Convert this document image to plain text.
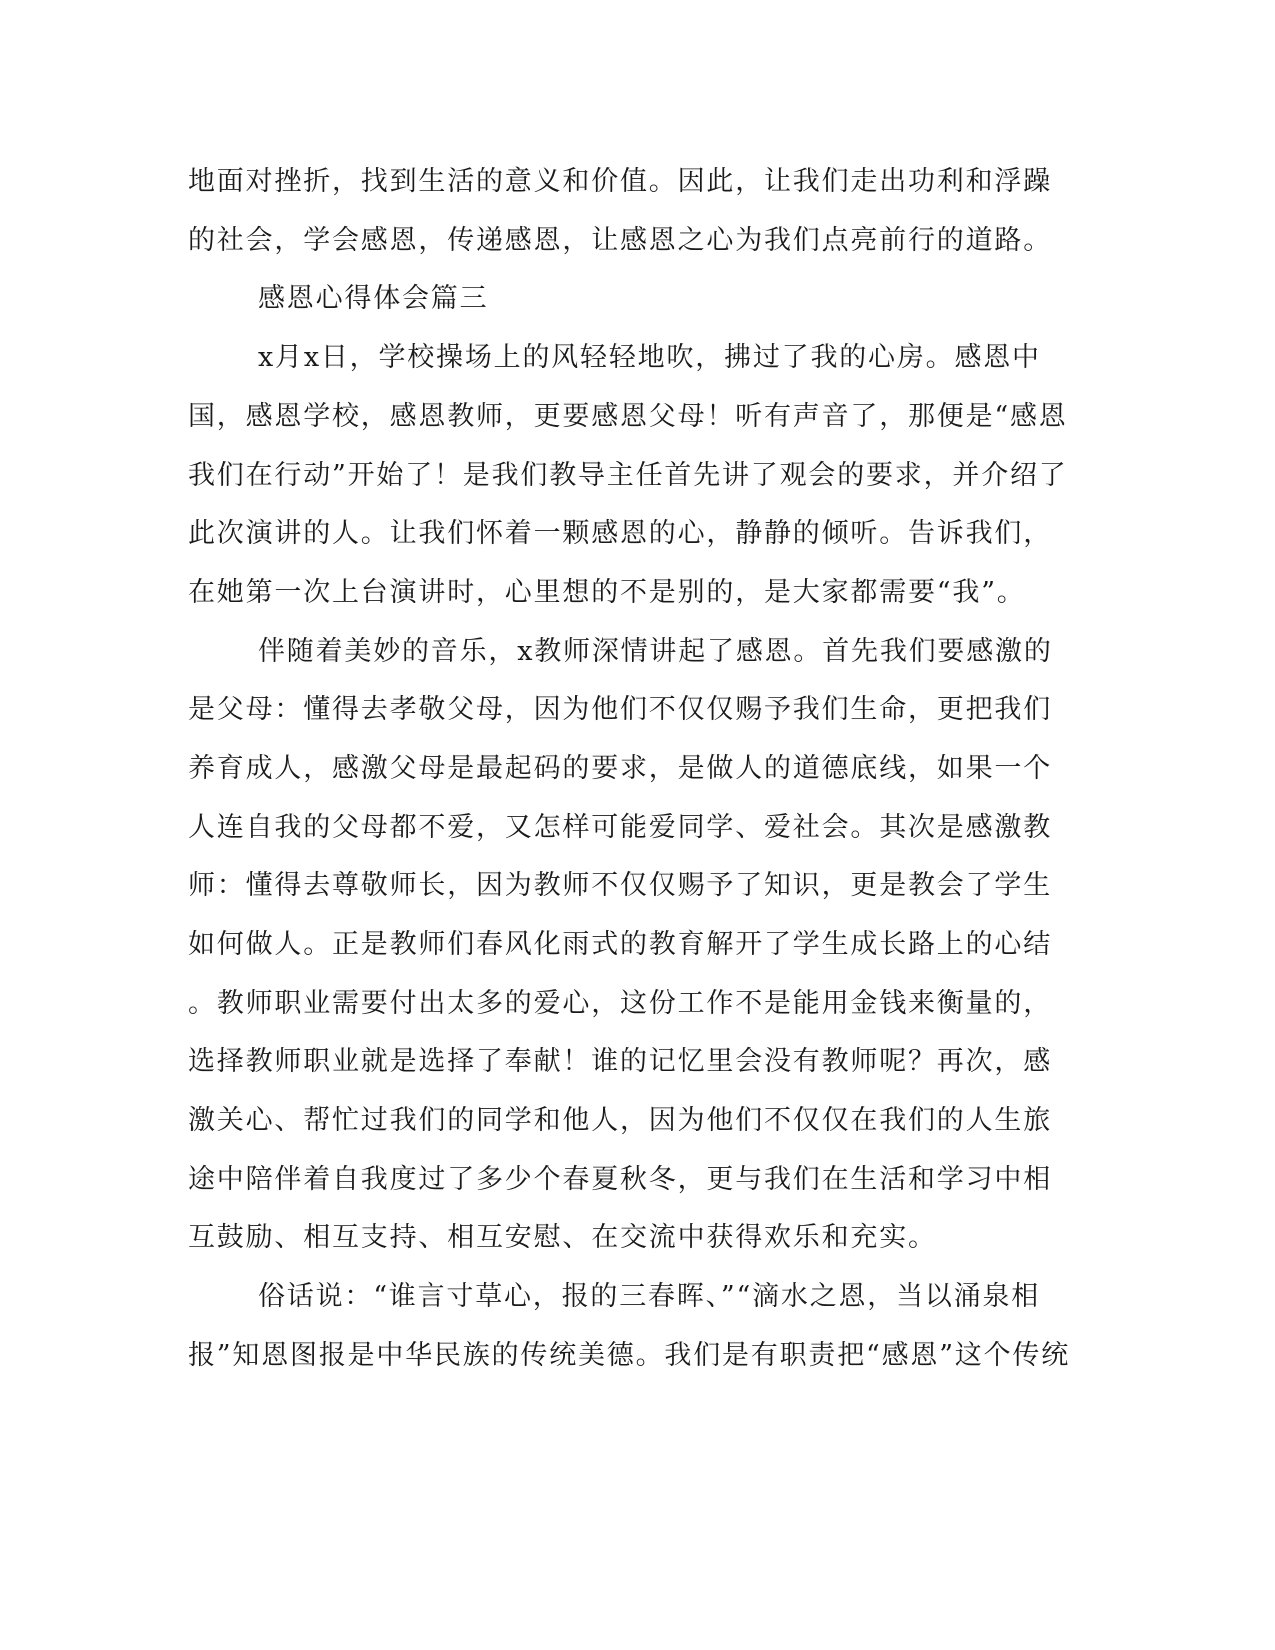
地面对挫折，找到生活的意义和价值。因此，让我们走出功利和浮躁
的社会，学会感恩，传递感恩，让感恩之心为我们点亮前行的道路。
感恩心得体会篇三
x月x日，学校操场上的风轻轻地吹，拂过了我的心房。感恩中
国，感恩学校，感恩教师，更要感恩父母！听有声音了，那便是“感恩
我们在行动”开始了！是我们教导主任首先讲了观会的要求，并介绍了
此次演讲的人。让我们怀着一颗感恩的心，静静的倾听。告诉我们，
在她第一次上台演讲时，心里想的不是别的，是大家都需要“我”。
伴随着美妙的音乐，x教师深情讲起了感恩。首先我们要感激的
是父母：懂得去孝敬父母，因为他们不仅仅赐予我们生命，更把我们
养育成人，感激父母是最起码的要求，是做人的道德底线，如果一个
人连自我的父母都不爱，又怎样可能爱同学、爱社会。其次是感激教
师：懂得去尊敬师长，因为教师不仅仅赐予了知识，更是教会了学生
如何做人。正是教师们春风化雨式的教育解开了学生成长路上的心结
。教师职业需要付出太多的爱心，这份工作不是能用金钱来衡量的，
选择教师职业就是选择了奉献！谁的记忆里会没有教师呢？再次，感
激关心、帮忙过我们的同学和他人，因为他们不仅仅在我们的人生旅
途中陪伴着自我度过了多少个春夏秋冬，更与我们在生活和学习中相
互鼓励、相互支持、相互安慰、在交流中获得欢乐和充实。
俗话说：“谁言寸草心，报的三春晖、”“滴水之恩，当以涌泉相
报”知恩图报是中华民族的传统美德。我们是有职责把“感恩”这个传统
